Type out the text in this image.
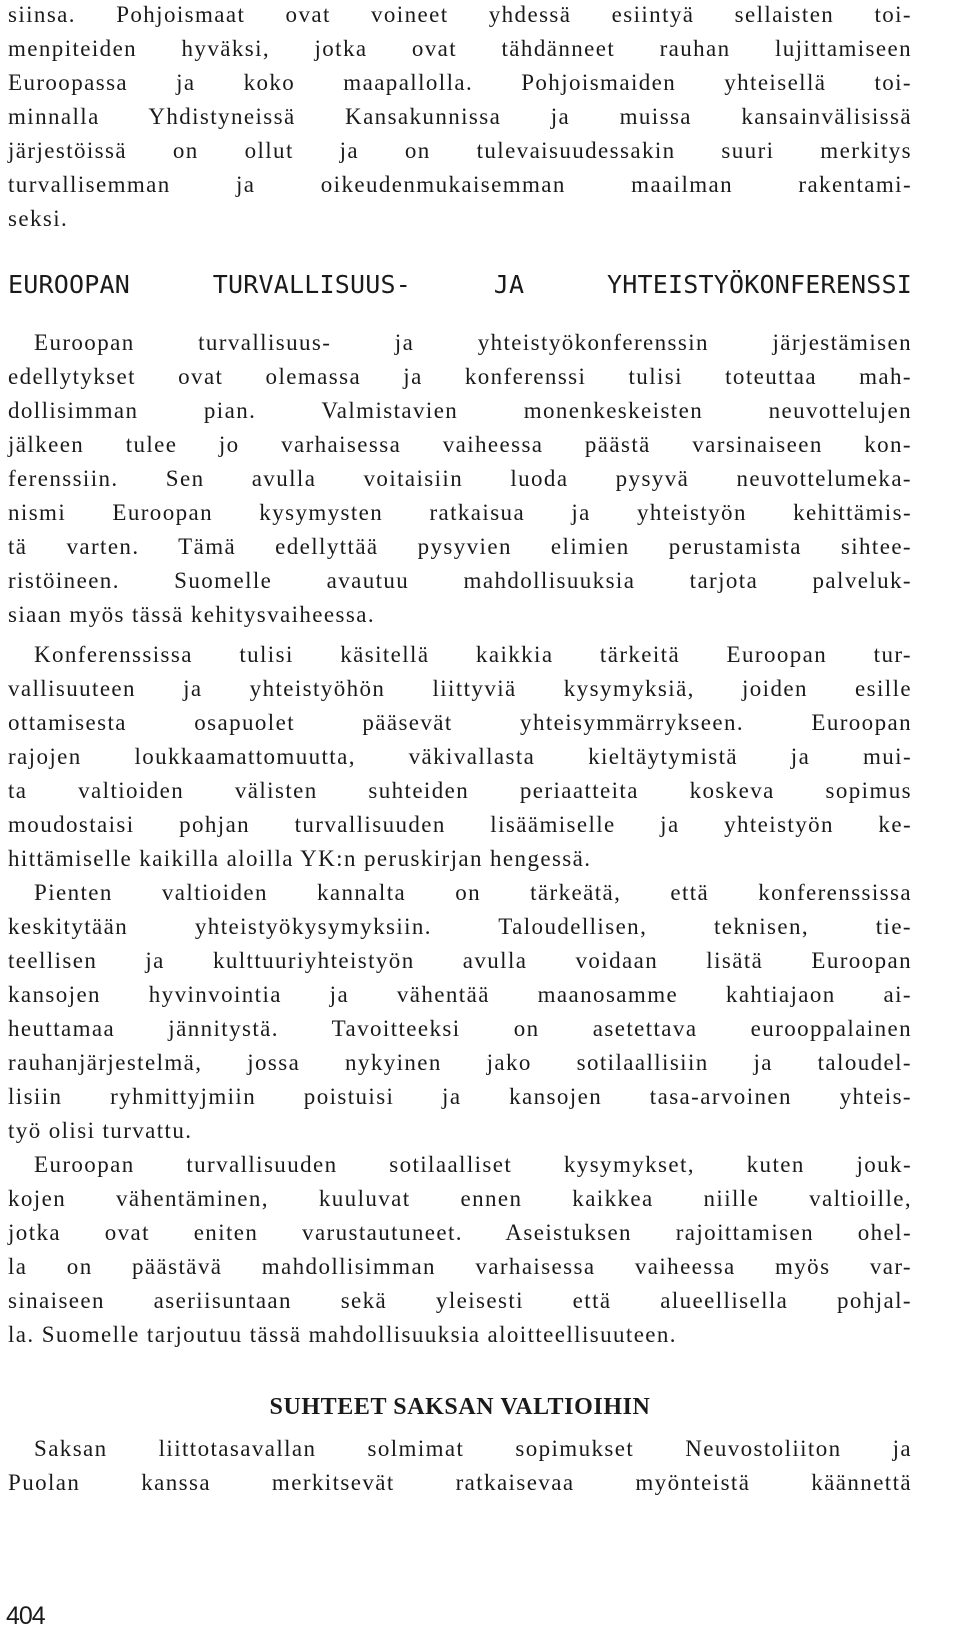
siinsa. Pohjoismaat ovat voineet yhdessä esiintyä sellaisten toi-
menpiteiden hyväksi, jotka ovat tähdänneet rauhan lujittamiseen
Euroopassa ja koko maapallolla. Pohjoismaiden yhteisellä toi-
minnalla Yhdistyneissä Kansakunnissa ja muissa kansainvälisissä
järjestöissä on ollut ja on tulevaisuudessakin suuri merkitys
turvallisemman ja oikeudenmukaisemman maailman rakentami-
seksi.
EUROOPAN TURVALLISUUS- JA YHTEISTYÖKONFERENSSI
Euroopan turvallisuus- ja yhteistyökonferenssin järjestämisen
edellytykset ovat olemassa ja konferenssi tulisi toteuttaa mah-
dollisimman pian. Valmistavien monenkeskeisten neuvottelujen
jälkeen tulee jo varhaisessa vaiheessa päästä varsinaiseen kon-
ferenssiin. Sen avulla voitaisiin luoda pysyvä neuvottelumeka-
nismi Euroopan kysymysten ratkaisua ja yhteistyön kehittämis-
tä varten. Tämä edellyttää pysyvien elimien perustamista sihtee-
ristöineen. Suomelle avautuu mahdollisuuksia tarjota palveluk-
siaan myös tässä kehitysvaiheessa.
Konferenssissa tulisi käsitellä kaikkia tärkeitä Euroopan tur-
vallisuuteen ja yhteistyöhön liittyviä kysymyksiä, joiden esille
ottamisesta osapuolet pääsevät yhteisymmärrykseen. Euroopan
rajojen loukkaamattomuutta, väkivallasta kieltäytymistä ja mui-
ta valtioiden välisten suhteiden periaatteita koskeva sopimus
moudostaisi pohjan turvallisuuden lisäämiselle ja yhteistyön ke-
hittämiselle kaikilla aloilla YK:n peruskirjan hengessä.
Pienten valtioiden kannalta on tärkeätä, että konferenssissa
keskitytään yhteistyökysymyksiin. Taloudellisen, teknisen, tie-
teellisen ja kulttuuriyhteistyön avulla voidaan lisätä Euroopan
kansojen hyvinvointia ja vähentää maanosamme kahtiajaon ai-
heuttamaa jännitystä. Tavoitteeksi on asetettava eurooppalainen
rauhanjärjestelmä, jossa nykyinen jako sotilaallisiin ja taloudel-
lisiin ryhmittyjmiin poistuisi ja kansojen tasa-arvoinen yhteis-
työ olisi turvattu.
Euroopan turvallisuuden sotilaalliset kysymykset, kuten jouk-
kojen vähentäminen, kuuluvat ennen kaikkea niille valtioille,
jotka ovat eniten varustautuneet. Aseistuksen rajoittamisen ohel-
la on päästävä mahdollisimman varhaisessa vaiheessa myös var-
sinaiseen aseriisuntaan sekä yleisesti että alueellisella pohjal-
la. Suomelle tarjoutuu tässä mahdollisuuksia aloitteellisuuteen.
SUHTEET SAKSAN VALTIOIHIN
Saksan liittotasavallan solmimat sopimukset Neuvostoliiton ja
Puolan kanssa merkitsevät ratkaisevaa myönteistä käännettä
404
